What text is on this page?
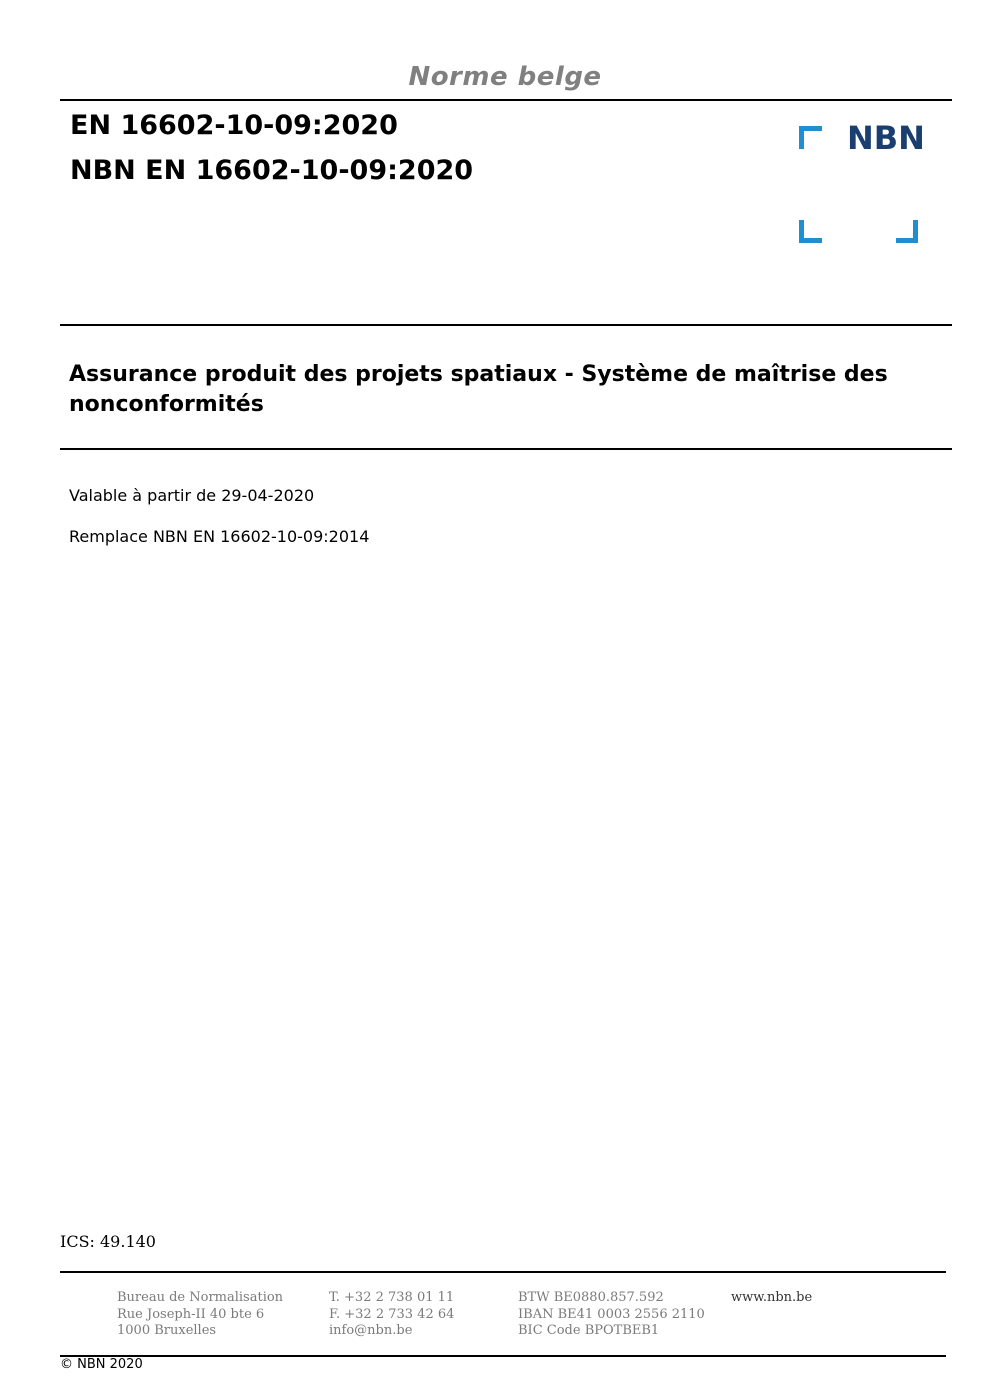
Norme belge
EN 16602-10-09:2020
NBN EN 16602-10-09:2020
NBN
Assurance produit des projets spatiaux - Système de maîtrise des nonconformités
Valable à partir de 29-04-2020
Remplace NBN EN 16602-10-09:2014
ICS: 49.140
Bureau de Normalisation
Rue Joseph-II 40 bte 6
1000 Bruxelles
T. +32 2 738 01 11
F. +32 2 733 42 64
info@nbn.be
BTW BE0880.857.592
IBAN BE41 0003 2556 2110
BIC Code BPOTBEB1
www.nbn.be
© NBN 2020
